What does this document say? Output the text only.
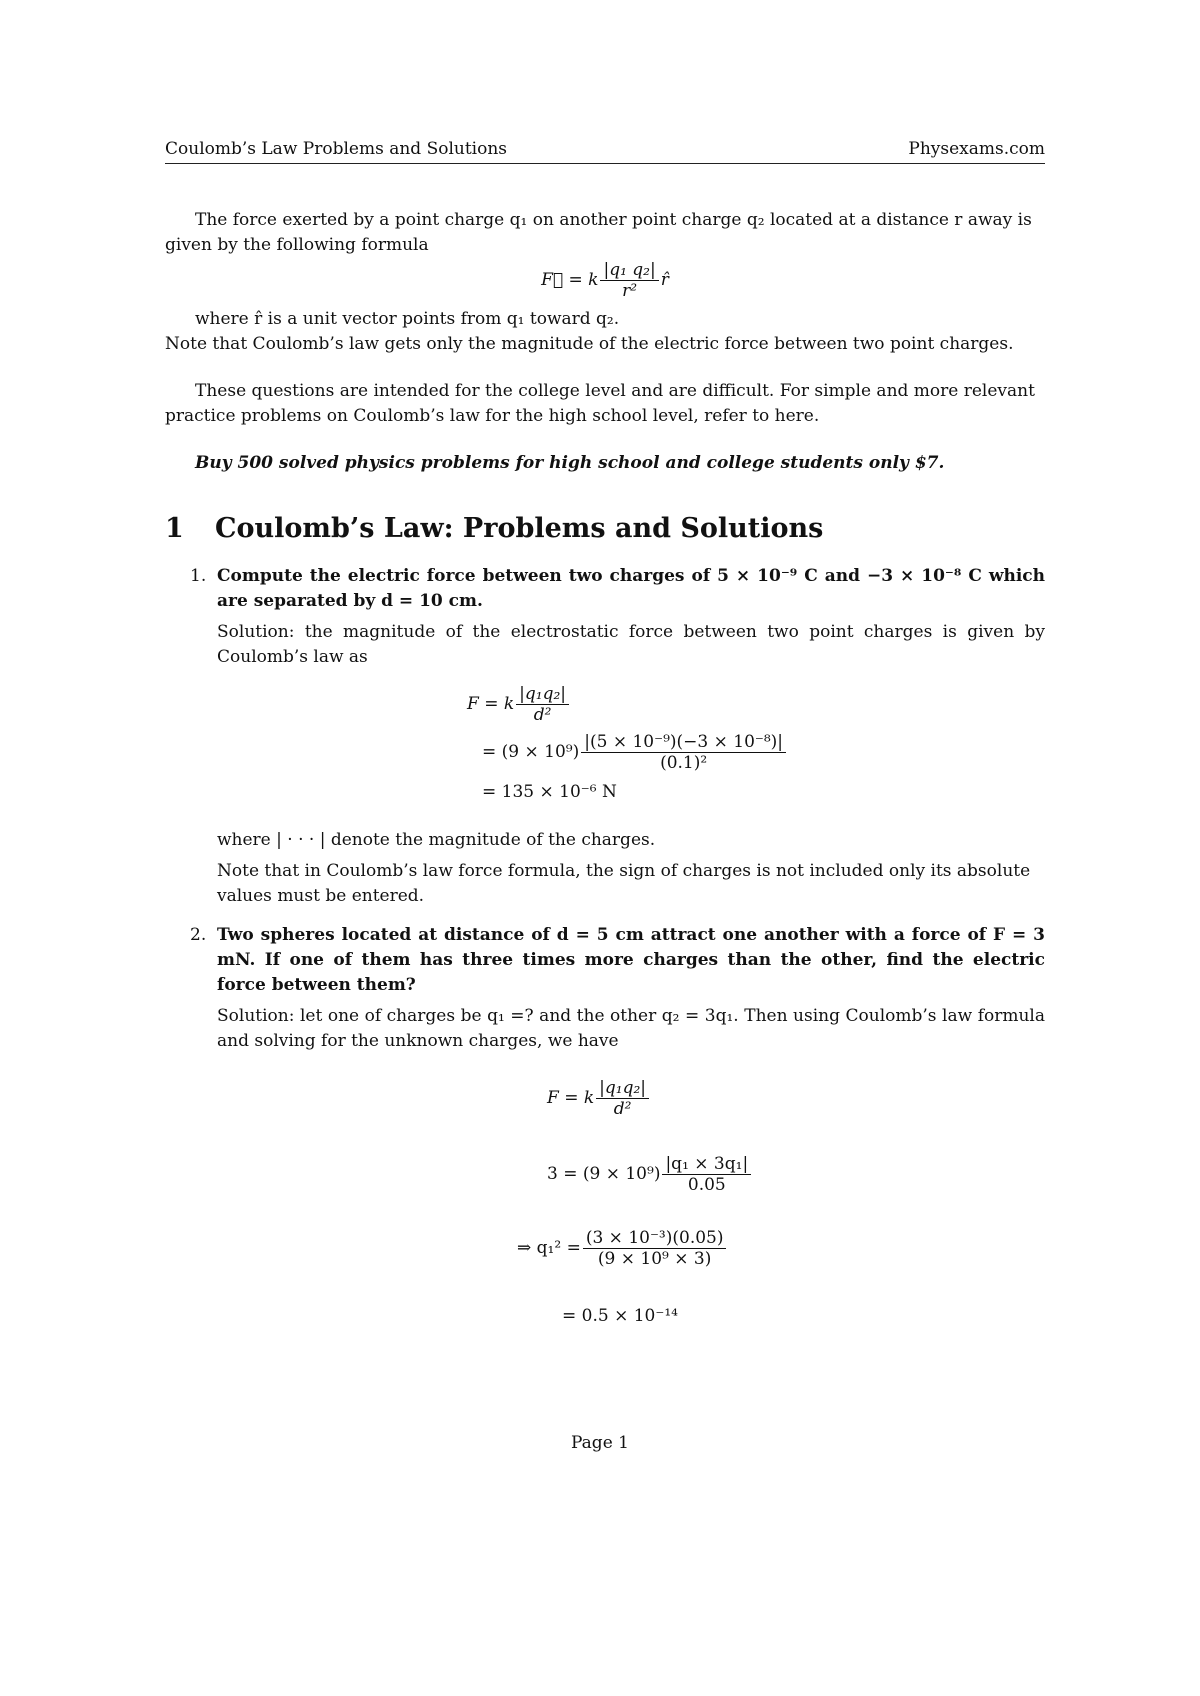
Coulomb’s Law Problems and Solutions	Physexams.com

The force exerted by a point charge q₁ on another point charge q₂ located at a distance r away is given by the following formula

F⃗ = k $\frac{\text{|q₁ q₂|}}{\text{r²}}$ r̂

where r̂ is a unit vector points from q₁ toward q₂.

Note that Coulomb’s law gets only the magnitude of the electric force between two point charges.

These questions are intended for the college level and are difficult. For simple and more relevant practice problems on Coulomb’s law for the high school level, refer to here.

Buy 500 solved physics problems for high school and college students only $7.

1 Coulomb’s Law: Problems and Solutions
1. Compute the electric force between two charges of 5 × 10⁻⁹ C and −3 × 10⁻⁸ C which are separated by d = 10 cm.

Solution: the magnitude of the electrostatic force between two point charges is given by Coulomb’s law as

F = k $\frac{\text{|q₁q₂|}}{\text{d²}}$
= $(9 \times 10^9) \frac{\text{|(5 × 10⁻⁹)(−3 × 10⁻⁸)|}}{\text{(0.1)²}}$
= 135 × 10⁻⁶ N

where | · · · | denote the magnitude of the charges.

Note that in Coulomb’s law force formula, the sign of charges is not included only its absolute values must be entered.

2. Two spheres located at distance of d = 5 cm attract one another with a force of F = 3 mN. If one of them has three times more charges than the other, find the electric force between them?

Solution: let one of charges be q₁ =? and the other q₂ = 3q₁. Then using Coulomb’s law formula and solving for the unknown charges, we have

F = k $\frac{\text{|q₁q₂|}}{\text{d²}}$
$3 = (9 \times 10^9) \frac{\text{|q₁ × 3q₁|}}{0.05}$
⇒ $q_1^2 = \frac{\text{(3 × 10⁻³)(0.05)}}{\text{(9 × 10⁹ × 3)}}$
= 0.5 × 10⁻¹⁴
Page 1
